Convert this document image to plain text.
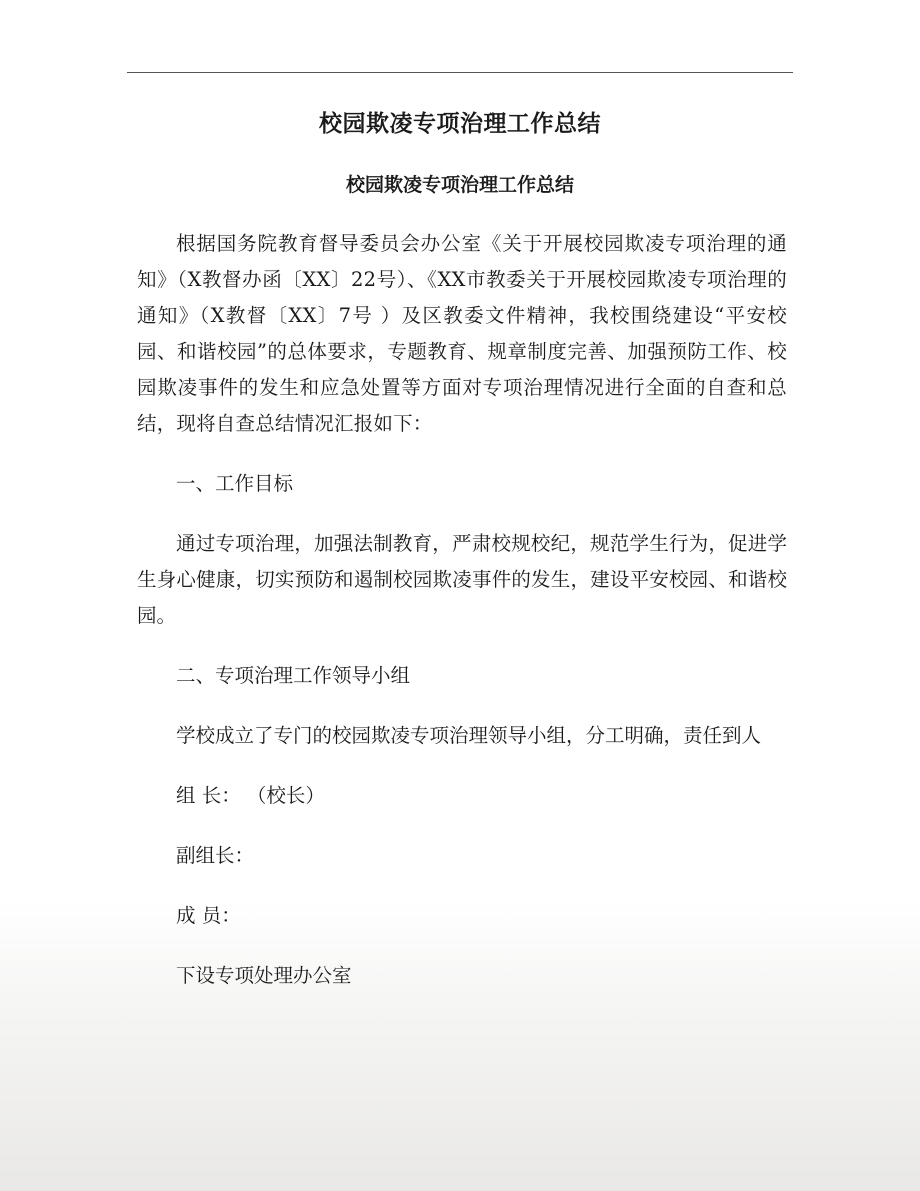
校园欺凌专项治理工作总结
校园欺凌专项治理工作总结

根据国务院教育督导委员会办公室《关于开展校园欺凌专项治理的通知》（X教督办函〔XX〕22号）、《XX市教委关于开展校园欺凌专项治理的通知》（X教督〔XX〕7号 ）及区教委文件精神，我校围绕建设“平安校园、和谐校园”的总体要求，专题教育、规章制度完善、加强预防工作、校园欺凌事件的发生和应急处置等方面对专项治理情况进行全面的自查和总结，现将自查总结情况汇报如下：

一、工作目标

通过专项治理，加强法制教育，严肃校规校纪，规范学生行为，促进学生身心健康，切实预防和遏制校园欺凌事件的发生，建设平安校园、和谐校园。

二、专项治理工作领导小组

学校成立了专门的校园欺凌专项治理领导小组，分工明确，责任到人

组 长： （校长）

副组长：

成 员：

下设专项处理办公室
